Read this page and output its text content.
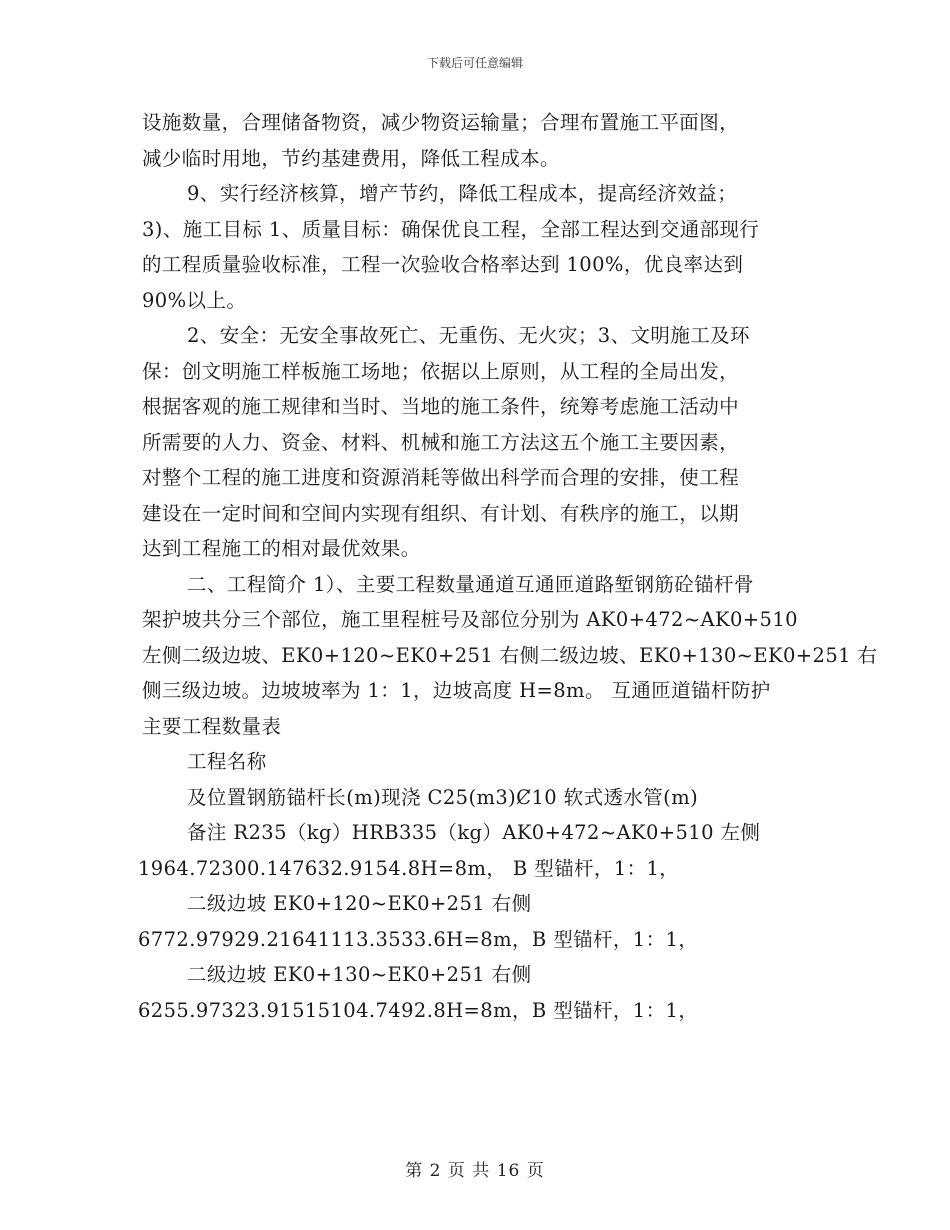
下载后可任意编辑
设施数量，合理储备物资，减少物资运输量；合理布置施工平面图，
减少临时用地，节约基建费用，降低工程成本。
9、实行经济核算，增产节约，降低工程成本，提高经济效益；
3)、施工目标 1、质量目标：确保优良工程，全部工程达到交通部现行
的工程质量验收标准，工程一次验收合格率达到 100%，优良率达到
90%以上。
2、安全：无安全事故死亡、无重伤、无火灾；3、文明施工及环
保：创文明施工样板施工场地；依据以上原则，从工程的全局出发，
根据客观的施工规律和当时、当地的施工条件，统筹考虑施工活动中
所需要的人力、资金、材料、机械和施工方法这五个施工主要因素，
对整个工程的施工进度和资源消耗等做出科学而合理的安排，使工程
建设在一定时间和空间内实现有组织、有计划、有秩序的施工，以期
达到工程施工的相对最优效果。
二、工程简介 1）、主要工程数量通道互通匝道路堑钢筋砼锚杆骨
架护坡共分三个部位，施工里程桩号及部位分别为 AK0+472~AK0+510
左侧二级边坡、EK0+120~EK0+251 右侧二级边坡、EK0+130~EK0+251 右
侧三级边坡。边坡坡率为 1：1，边坡高度 H=8m。 互通匝道锚杆防护
主要工程数量表
工程名称
及位置钢筋锚杆长(m)现浇 C25(m3)Ȼ10 软式透水管(m)
备注 R235（kg）HRB335（kg）AK0+472~AK0+510 左侧
1964.72300.147632.9154.8H=8m， B 型锚杆，1：1，
二级边坡 EK0+120~EK0+251 右侧
6772.97929.21641113.3533.6H=8m，B 型锚杆，1：1，
二级边坡 EK0+130~EK0+251 右侧
6255.97323.91515104.7492.8H=8m，B 型锚杆，1：1，
第 2 页 共 16 页
